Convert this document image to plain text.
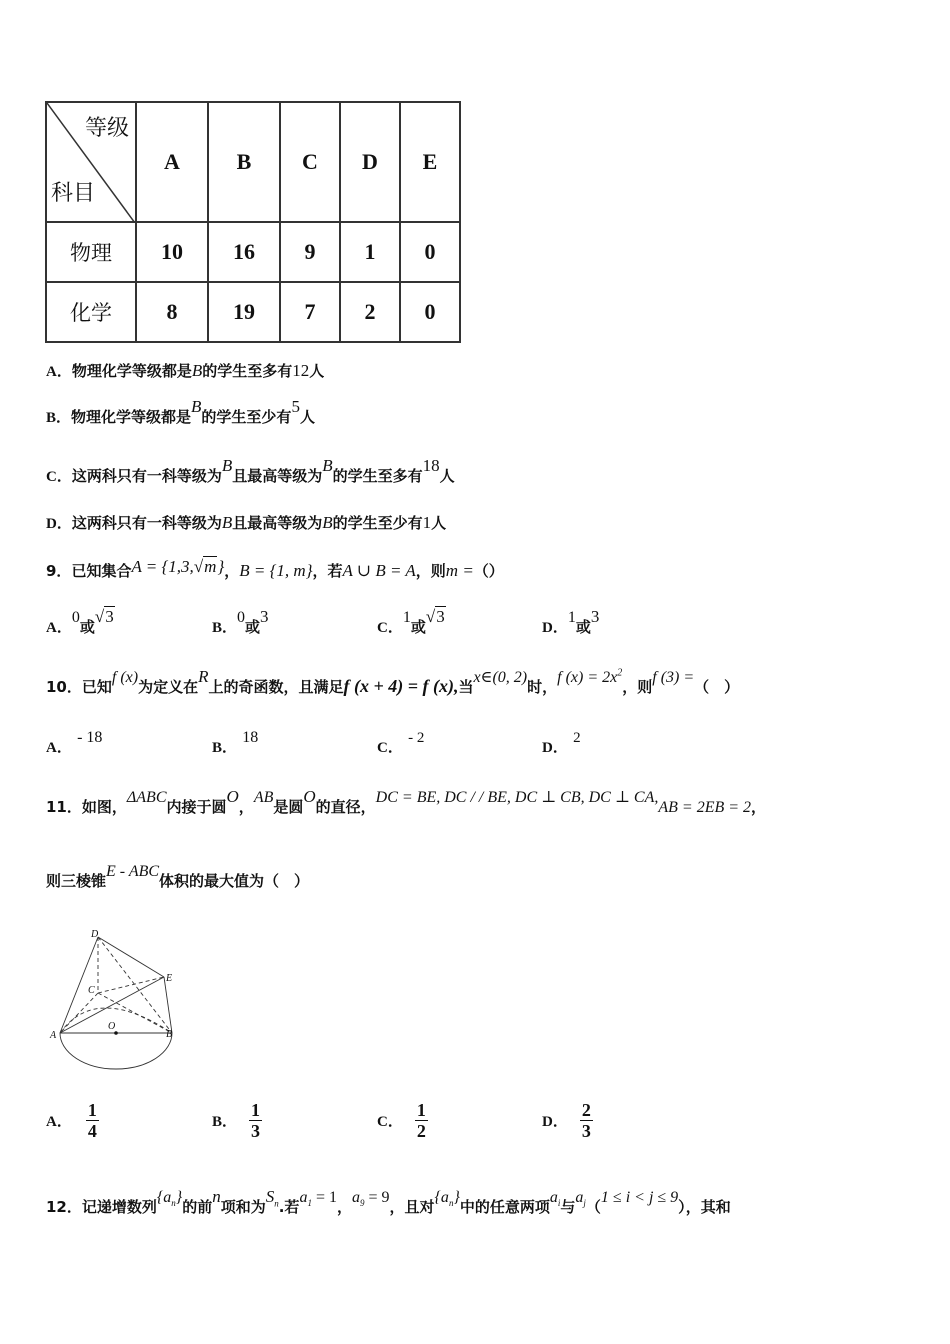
等级
科目	A	B	C	D	E
物理	10	16	9	1	0
化学	8	19	7	2	0
A．物理化学等级都是B的学生至多有12人
B．物理化学等级都是B的学生至少有5人
C．这两科只有一科等级为B且最高等级为B的学生至多有18人
D．这两科只有一科等级为B且最高等级为B的学生至少有1人
9．已知集合A = {1,3,√m}，B = {1, m}，若A ∪ B = A，则m =（）
A．0或√3
B．0或3
C．1或√3
D．1或3
10．已知f (x)为定义在R上的奇函数，且满足f (x + 4) = f (x),当x∈(0, 2)时，f $(x) = 2x^2$，则f (3) =（　）
A． - 18
B． 18
C． - 2
D． 2
11．如图，ΔABC内接于圆O，AB是圆O的直径，DC = BE, DC / / BE, DC ⊥ CB, DC ⊥ CA,AB = 2EB = 2，
则三棱锥E - ABC体积的最大值为（　）
D
E
C
A
O
B
A． $\frac{1}{4}$	B． $\frac{1}{3}$	C． $\frac{1}{2}$	D． $\frac{2}{3}$
12．记递增数列$\{a_n\}$的前n项和为$S_n$.若$a_1 = 1$，$a_9 = 9$，且对$\{a_n\}$中的任意两项$a_i$与$a_j(1 \le i < j \le 9)$，其和
